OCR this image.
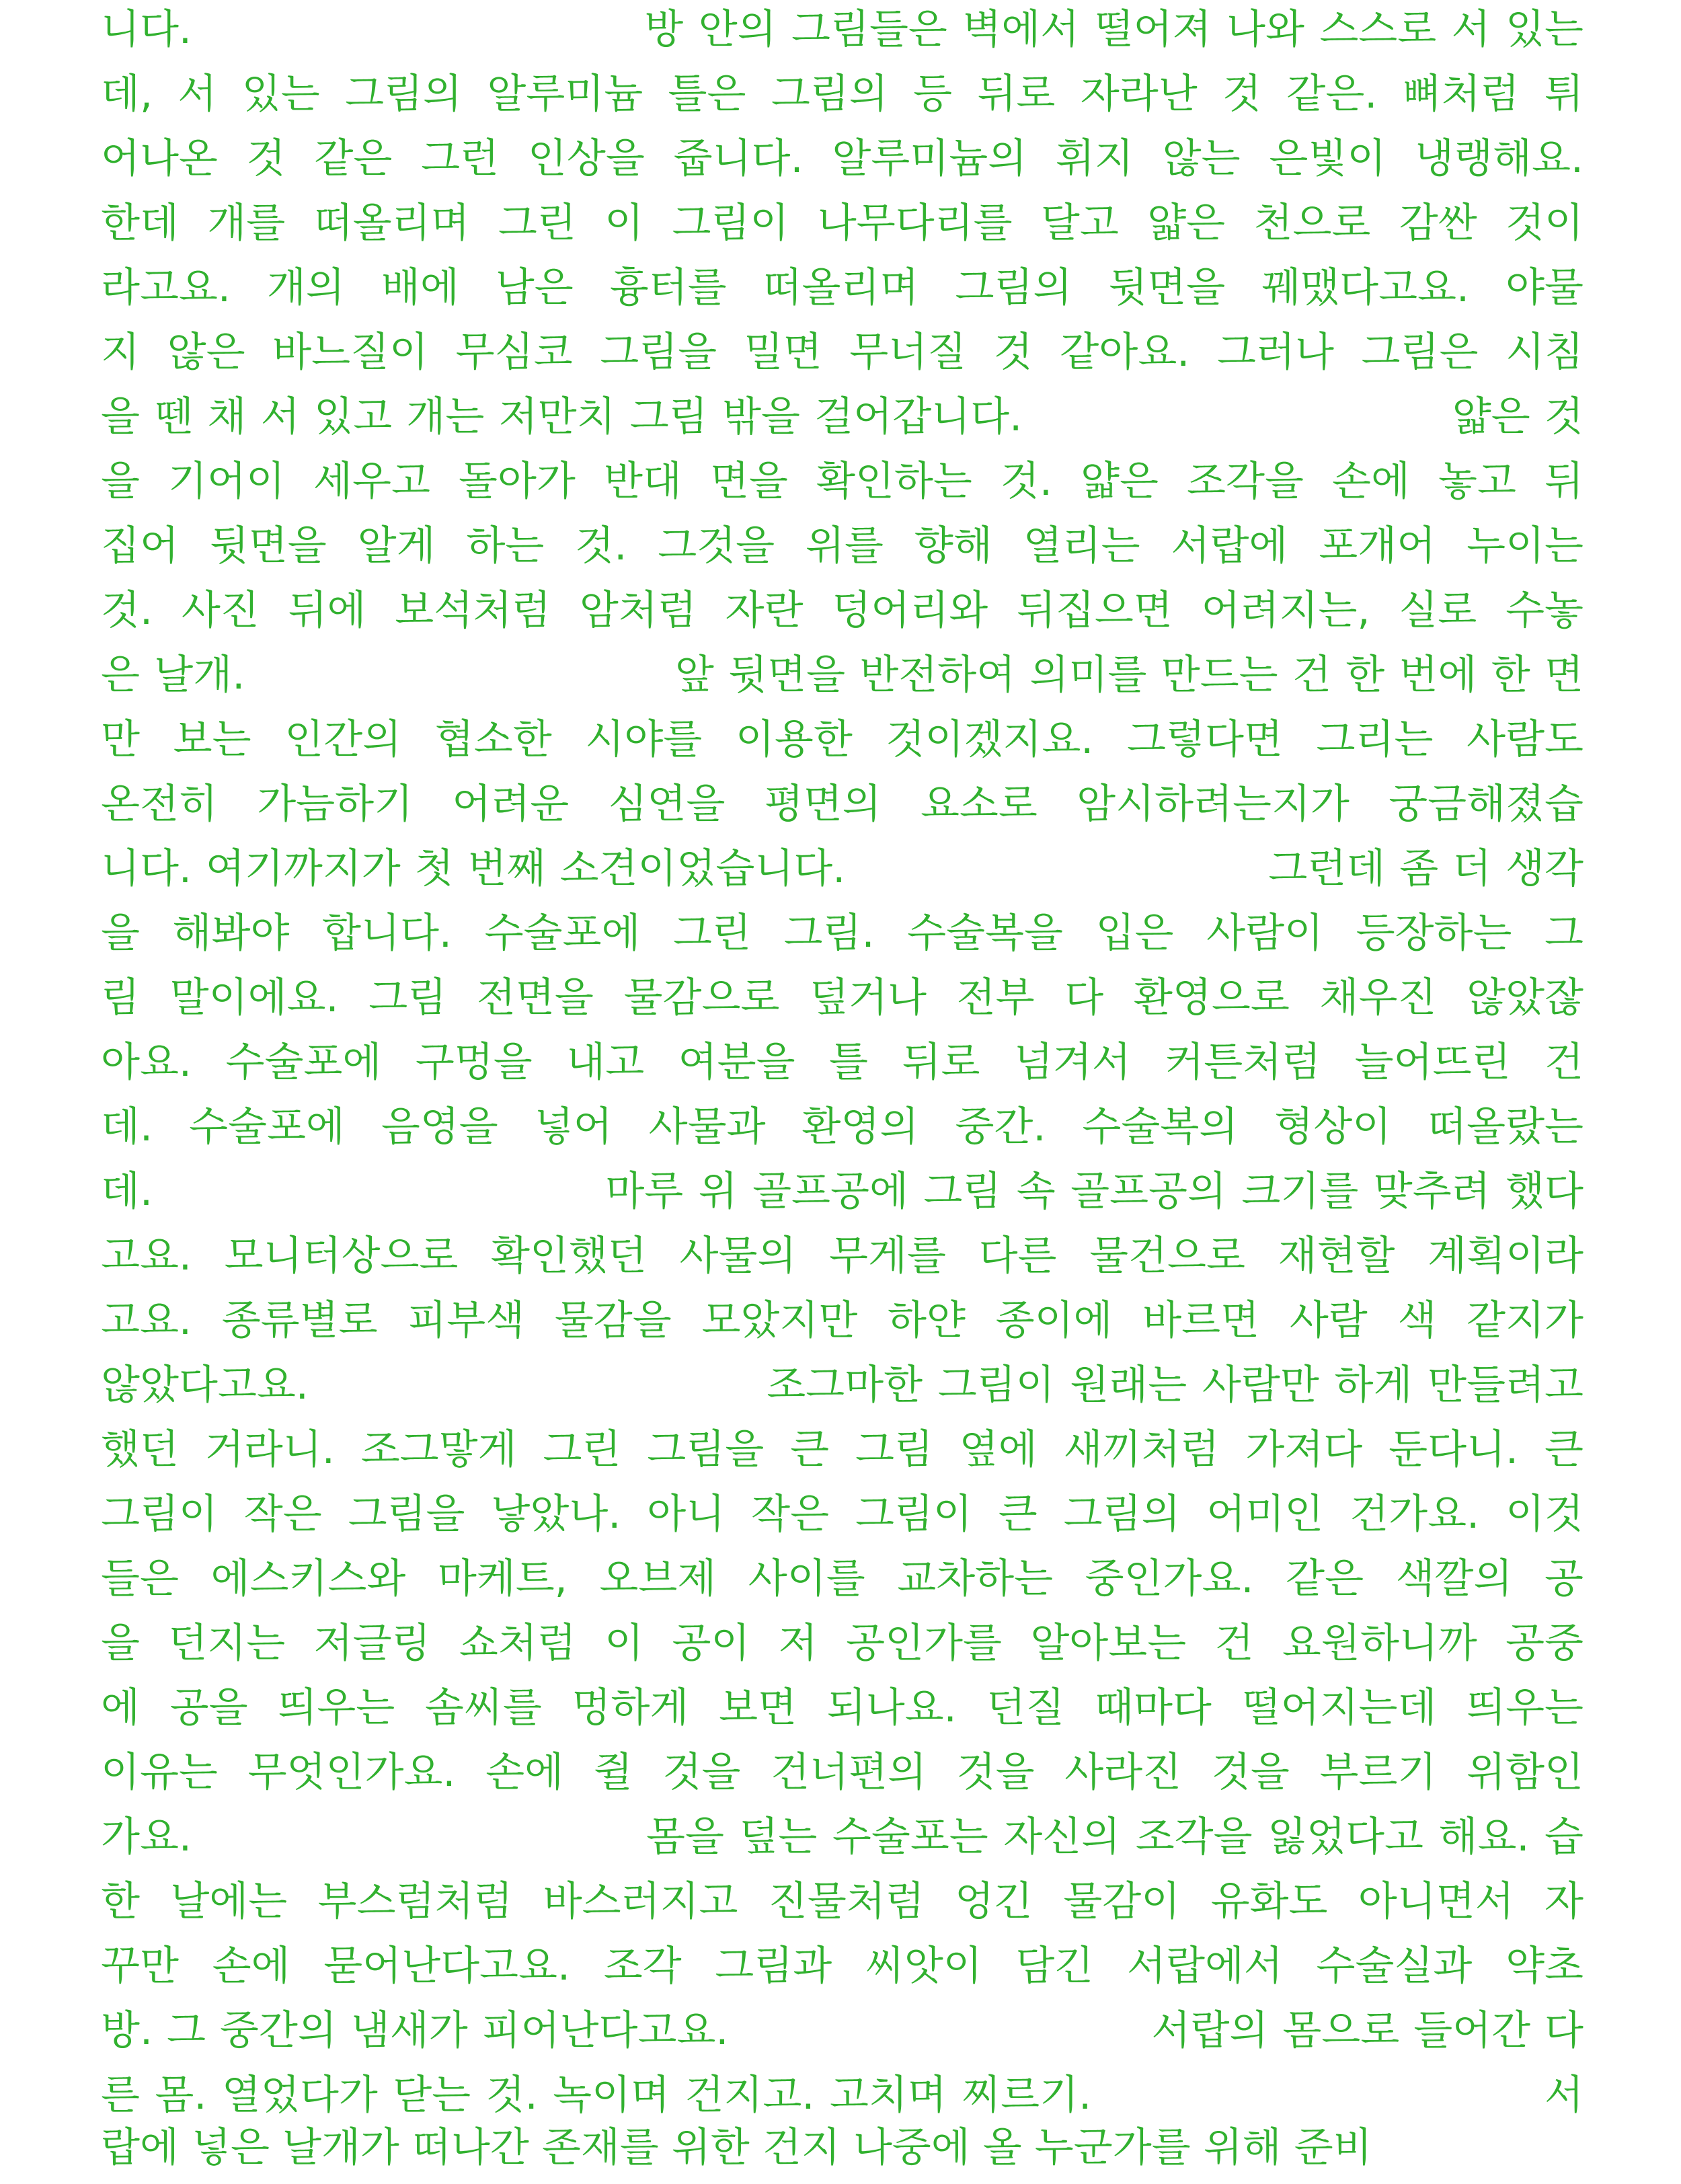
니다.                              방 안의 그림들은 벽에서 떨어져 나와 스스로 서 있는
데, 서 있는 그림의 알루미늄 틀은 그림의 등 뒤로 자라난 것 같은. 뼈처럼 튀
어나온 것 같은 그런 인상을 줍니다. 알루미늄의 휘지 않는 은빛이 냉랭해요.
한데 개를 떠올리며 그린 이 그림이 나무다리를 달고 얇은 천으로 감싼 것이
라고요. 개의 배에 남은 흉터를 떠올리며 그림의 뒷면을 꿰맸다고요. 야물
지 않은 바느질이 무심코 그림을 밀면 무너질 것 같아요. 그러나 그림은 시침
을 뗀 채 서 있고 개는 저만치 그림 밖을 걸어갑니다.                              얇은 것
을 기어이 세우고 돌아가 반대 면을 확인하는 것. 얇은 조각을 손에 놓고 뒤
집어 뒷면을 알게 하는 것. 그것을 위를 향해 열리는 서랍에 포개어 누이는
것. 사진 뒤에 보석처럼 암처럼 자란 덩어리와 뒤집으면 어려지는, 실로 수놓
은 날개.                              앞 뒷면을 반전하여 의미를 만드는 건 한 번에 한 면
만 보는 인간의 협소한 시야를 이용한 것이겠지요. 그렇다면 그리는 사람도
온전히 가늠하기 어려운 심연을 평면의 요소로 암시하려는지가 궁금해졌습
니다. 여기까지가 첫 번째 소견이었습니다.                              그런데 좀 더 생각
을 해봐야 합니다. 수술포에 그린 그림. 수술복을 입은 사람이 등장하는 그
림 말이에요. 그림 전면을 물감으로 덮거나 전부 다 환영으로 채우진 않았잖
아요. 수술포에 구멍을 내고 여분을 틀 뒤로 넘겨서 커튼처럼 늘어뜨린 건
데. 수술포에 음영을 넣어 사물과 환영의 중간. 수술복의 형상이 떠올랐는
데.                              마루 위 골프공에 그림 속 골프공의 크기를 맞추려 했다
고요. 모니터상으로 확인했던 사물의 무게를 다른 물건으로 재현할 계획이라
고요. 종류별로 피부색 물감을 모았지만 하얀 종이에 바르면 사람 색 같지가
않았다고요.                              조그마한 그림이 원래는 사람만 하게 만들려고
했던 거라니. 조그맣게 그린 그림을 큰 그림 옆에 새끼처럼 가져다 둔다니. 큰
그림이 작은 그림을 낳았나. 아니 작은 그림이 큰 그림의 어미인 건가요. 이것
들은 에스키스와 마케트, 오브제 사이를 교차하는 중인가요. 같은 색깔의 공
을 던지는 저글링 쇼처럼 이 공이 저 공인가를 알아보는 건 요원하니까 공중
에 공을 띄우는 솜씨를 멍하게 보면 되나요. 던질 때마다 떨어지는데 띄우는
이유는 무엇인가요. 손에 쥘 것을 건너편의 것을 사라진 것을 부르기 위함인
가요.                              몸을 덮는 수술포는 자신의 조각을 잃었다고 해요. 습
한 날에는 부스럼처럼 바스러지고 진물처럼 엉긴 물감이 유화도 아니면서 자
꾸만 손에 묻어난다고요. 조각 그림과 씨앗이 담긴 서랍에서 수술실과 약초
방. 그 중간의 냄새가 피어난다고요.                              서랍의 몸으로 들어간 다
른 몸. 열었다가 닫는 것. 녹이며 건지고. 고치며 찌르기.                              서
랍에 넣은 날개가 떠나간 존재를 위한 건지 나중에 올 누군가를 위해 준비
